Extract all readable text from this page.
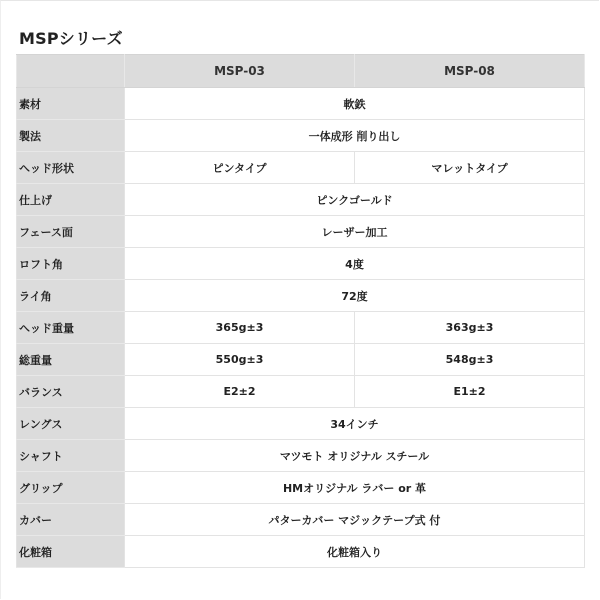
MSPシリーズ
	MSP-03	MSP-08
素材	軟鉄	
製法	一体成形 削り出し	
ヘッド形状	ピンタイプ	マレットタイプ
仕上げ	ピンクゴールド	
フェース面	レーザー加工	
ロフト角	4度	
ライ角	72度	
ヘッド重量	365g±3	363g±3
総重量	550g±3	548g±3
バランス	E2±2	E1±2
レングス	34インチ	
シャフト	マツモト オリジナル スチール	
グリップ	HMオリジナル ラバー or 革	
カバー	パターカバー マジックテープ式 付	
化粧箱	化粧箱入り	
